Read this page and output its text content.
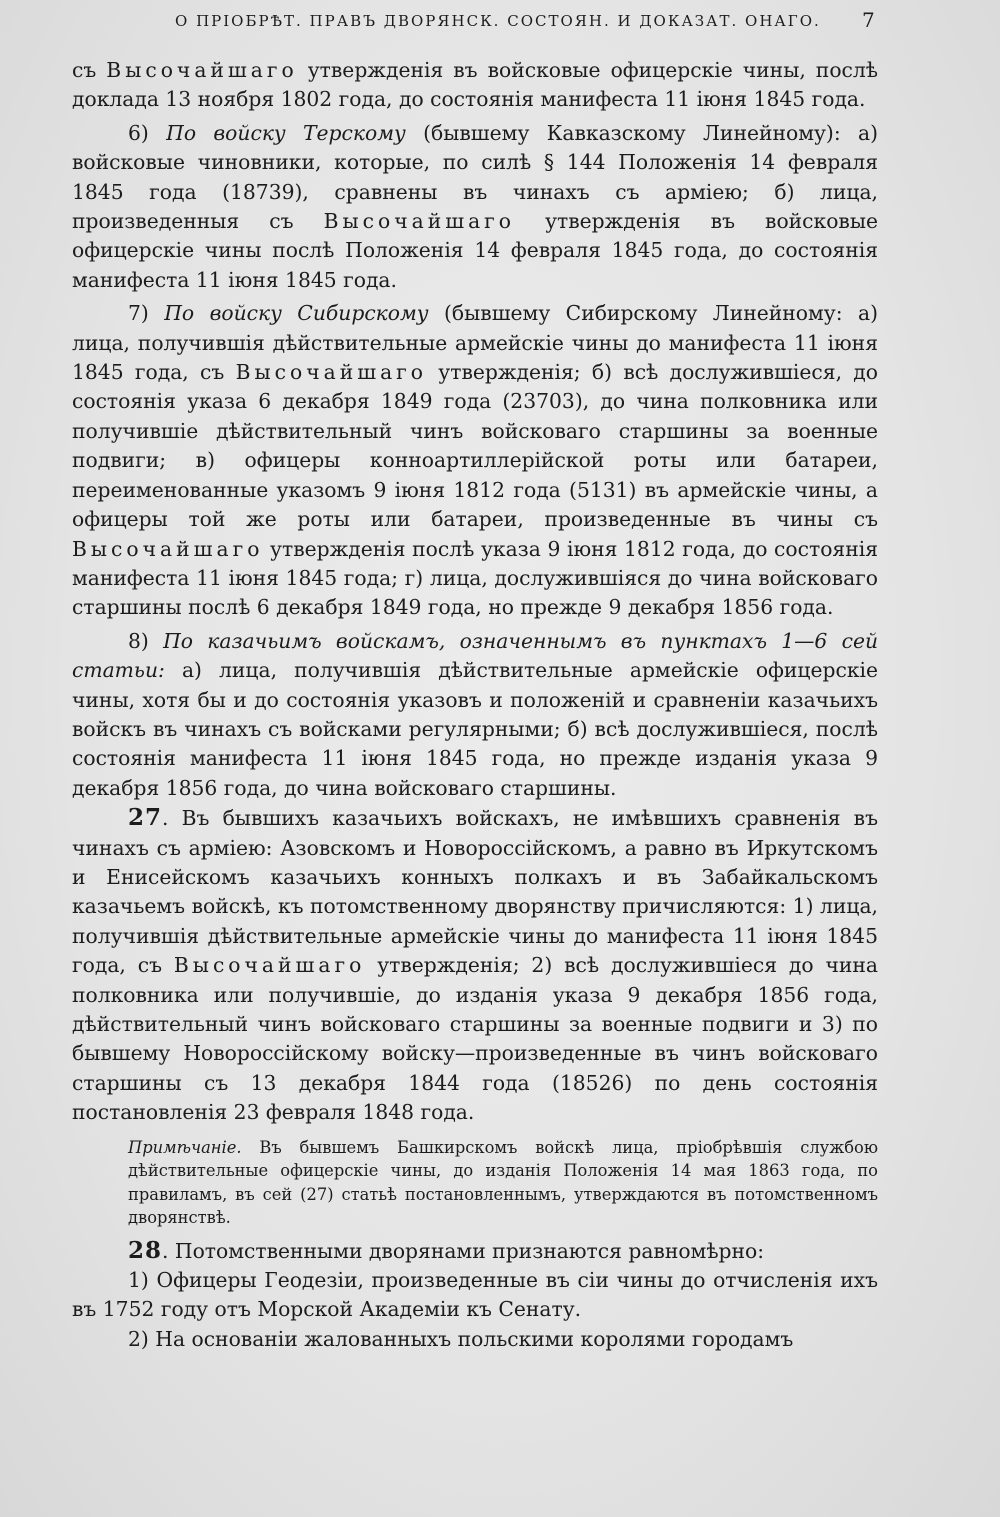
О ПРІОБРѢТ. ПРАВЪ ДВОРЯНСК. СОСТОЯН. И ДОКАЗАТ. ОНАГО. 7

съ Высочайшаго утвержденія въ войсковые офицерскіе чины, послѣ доклада 13 ноября 1802 года, до состоянія манифеста 11 іюня 1845 года.

6) По войску Терскому (бывшему Кавказскому Линейному): а) войсковые чиновники, которые, по силѣ § 144 Положенія 14 февраля 1845 года (18739), сравнены въ чинахъ съ арміею; б) лица, произведенныя съ Высочайшаго утвержденія въ войсковые офицерскіе чины послѣ Положенія 14 февраля 1845 года, до состоянія манифеста 11 іюня 1845 года.

7) По войску Сибирскому (бывшему Сибирскому Линейному: а) лица, получившія дѣйствительные армейскіе чины до манифеста 11 іюня 1845 года, съ Высочайшаго утвержденія; б) всѣ дослужившіеся, до состоянія указа 6 декабря 1849 года (23703), до чина полковника или получившіе дѣйствительный чинъ войсковаго старшины за военные подвиги; в) офицеры конноартиллерійской роты или батареи, переименованные указомъ 9 іюня 1812 года (5131) въ армейскіе чины, а офицеры той же роты или батареи, произведенные въ чины съ Высочайшаго утвержденія послѣ указа 9 іюня 1812 года, до состоянія манифеста 11 іюня 1845 года; г) лица, дослужившіяся до чина войсковаго старшины послѣ 6 декабря 1849 года, но прежде 9 декабря 1856 года.

8) По казачьимъ войскамъ, означеннымъ въ пунктахъ 1—6 сей статьи: а) лица, получившія дѣйствительные армейскіе офицерскіе чины, хотя бы и до состоянія указовъ и положеній и сравненіи казачьихъ войскъ въ чинахъ съ войсками регулярными; б) всѣ дослужившіеся, послѣ состоянія манифеста 11 іюня 1845 года, но прежде изданія указа 9 декабря 1856 года, до чина войсковаго старшины.

27. Въ бывшихъ казачьихъ войскахъ, не имѣвшихъ сравненія въ чинахъ съ арміею: Азовскомъ и Новороссійскомъ, а равно въ Иркутскомъ и Енисейскомъ казачьихъ конныхъ полкахъ и въ Забайкальскомъ казачьемъ войскѣ, къ потомственному дворянству причисляются: 1) лица, получившія дѣйствительные армейскіе чины до манифеста 11 іюня 1845 года, съ Высочайшаго утвержденія; 2) всѣ дослужившіеся до чина полковника или получившіе, до изданія указа 9 декабря 1856 года, дѣйствительный чинъ войсковаго старшины за военные подвиги и 3) по бывшему Новороссійскому войску—произведенные въ чинъ войсковаго старшины съ 13 декабря 1844 года (18526) по день состоянія постановленія 23 февраля 1848 года.

Примѣчаніе. Въ бывшемъ Башкирскомъ войскѣ лица, пріобрѣвшія службою дѣйствительные офицерскіе чины, до изданія Положенія 14 мая 1863 года, по правиламъ, въ сей (27) статьѣ постановленнымъ, утверждаются въ потомственномъ дворянствѣ.

28. Потомственными дворянами признаются равномѣрно:

1) Офицеры Геодезіи, произведенные въ сіи чины до отчисленія ихъ въ 1752 году отъ Морской Академіи къ Сенату.

2) На основаніи жалованныхъ польскими королями городамъ
